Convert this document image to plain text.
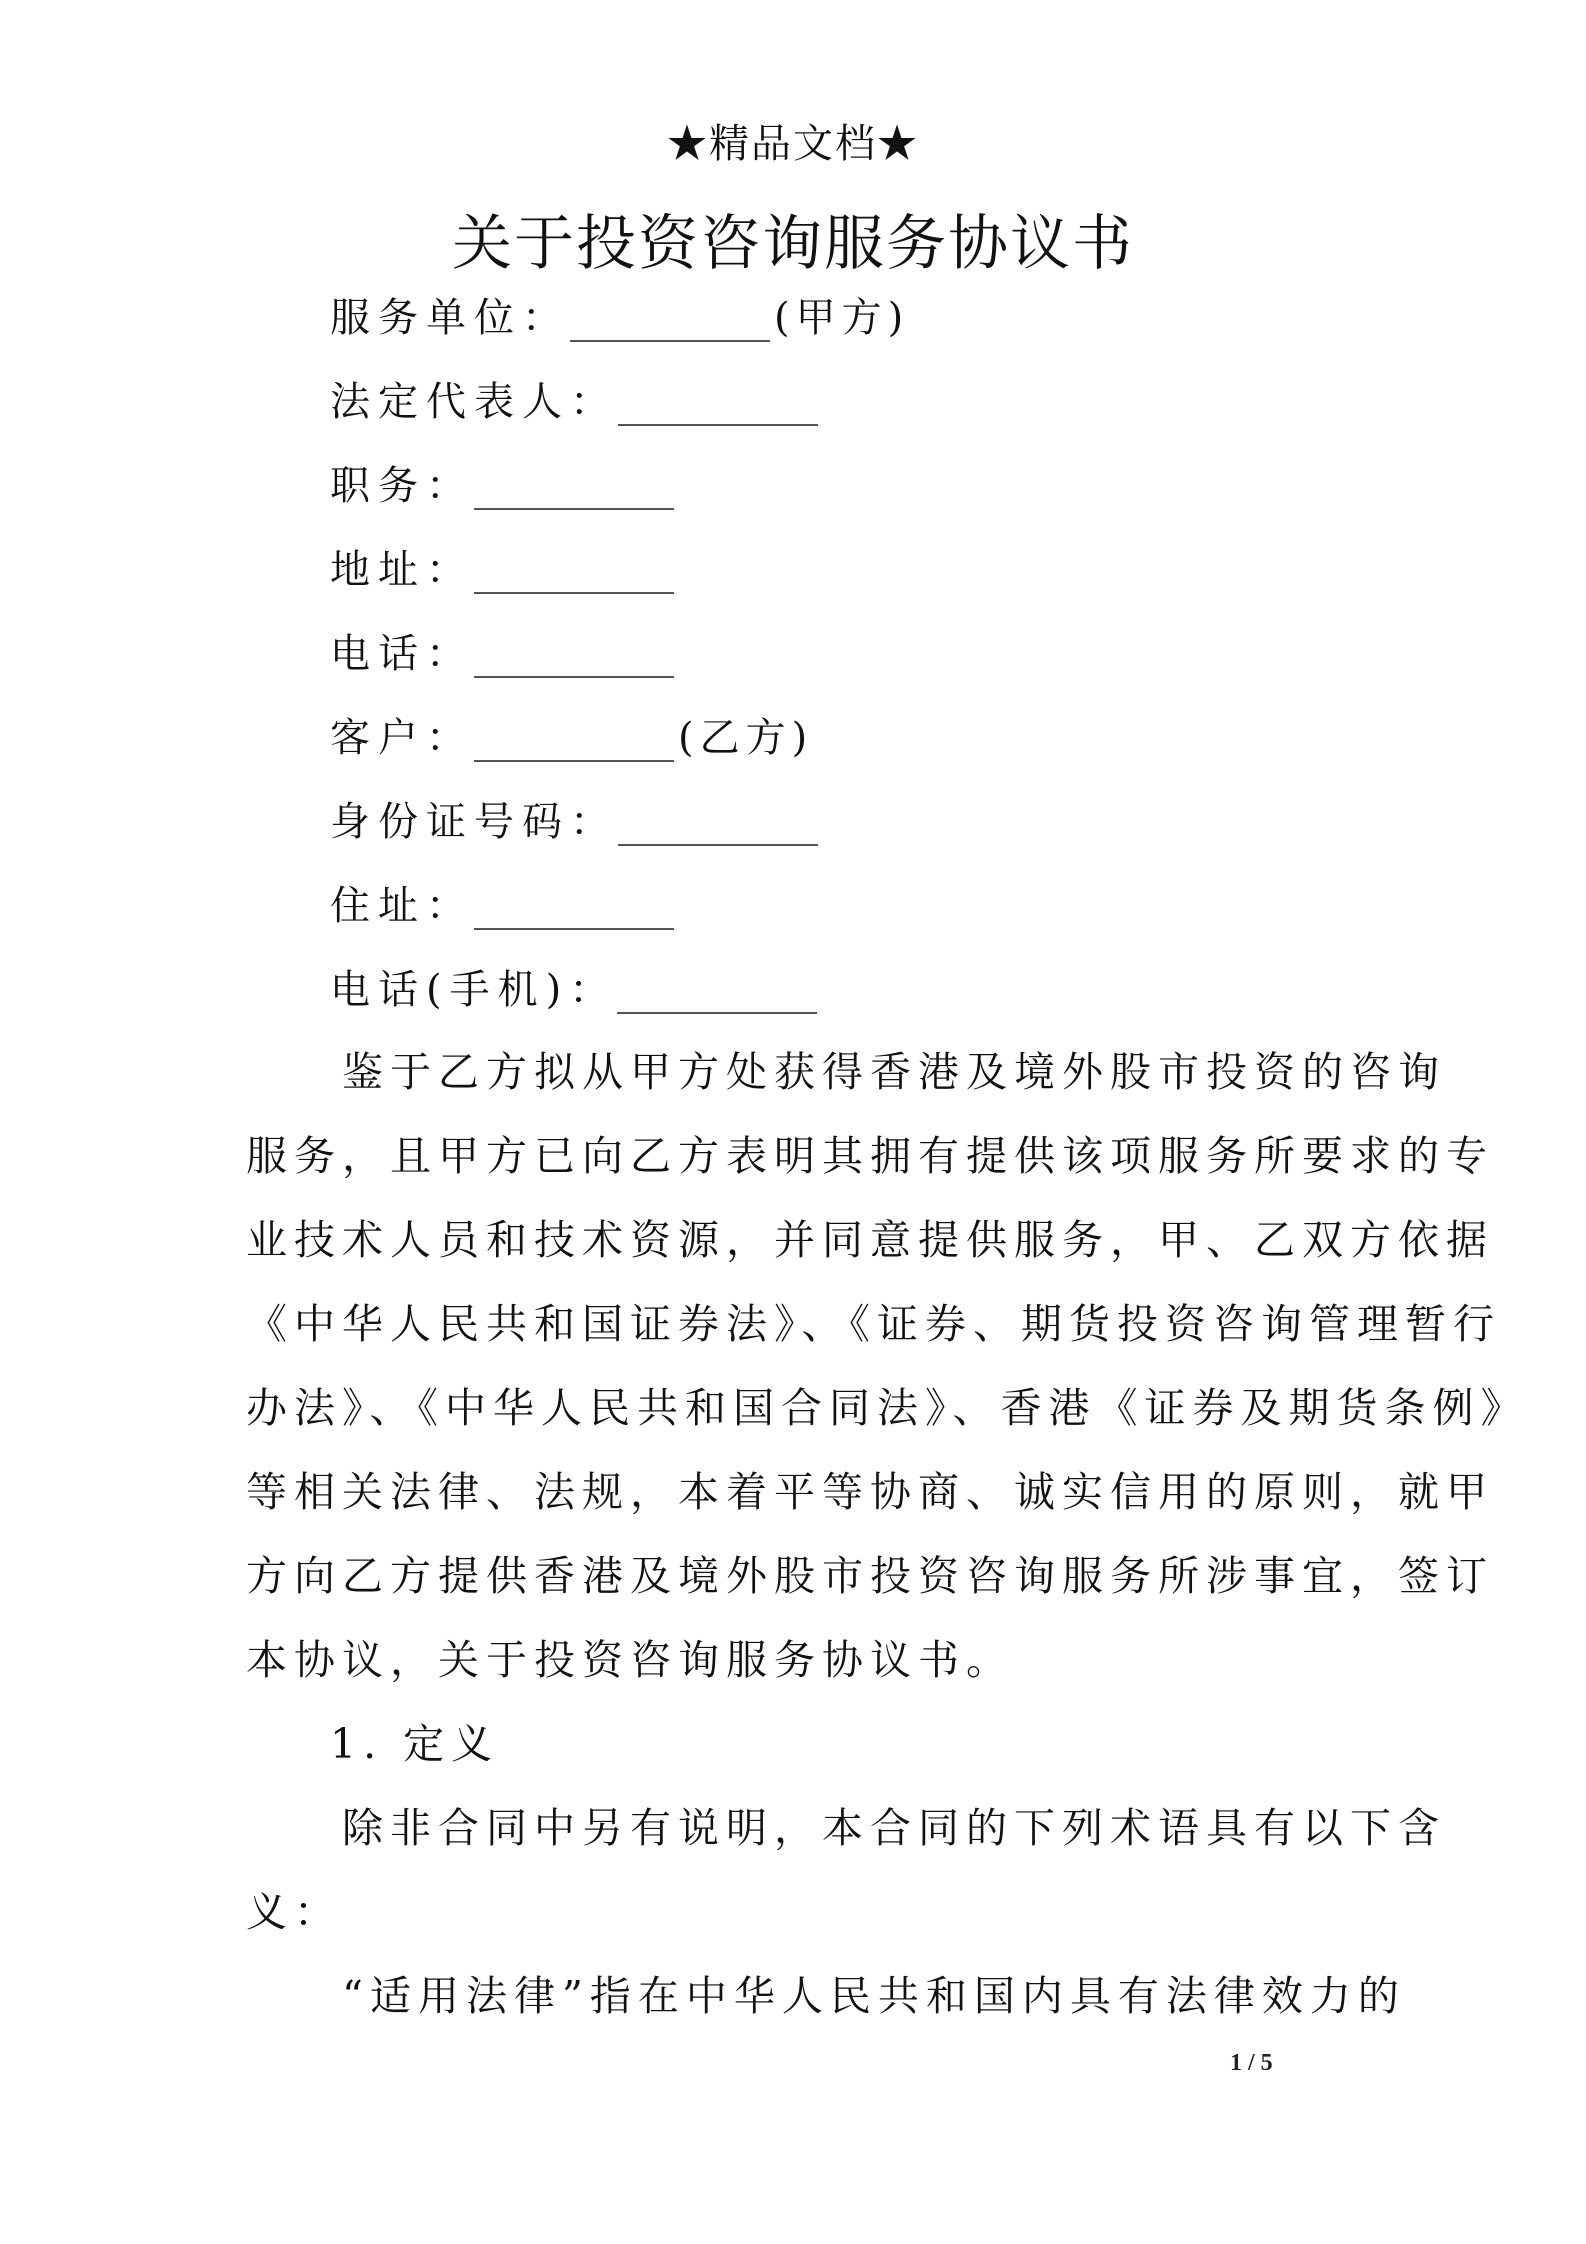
★精品文档★
关于投资咨询服务协议书
服务单位：	(甲方)
法定代表人：
职务：
地址：
电话：
客户：	(乙方)
身份证号码：
住址：
电话(手机)：
　　鉴于乙方拟从甲方处获得香港及境外股市投资的咨询
服务，且甲方已向乙方表明其拥有提供该项服务所要求的专
业技术人员和技术资源，并同意提供服务，甲、乙双方依据
《中华人民共和国证券法》、《证券、期货投资咨询管理暂行
办法》、《中华人民共和国合同法》、香港《证券及期货条例》
等相关法律、法规，本着平等协商、诚实信用的原则，就甲
方向乙方提供香港及境外股市投资咨询服务所涉事宜，签订
本协议，关于投资咨询服务协议书。
1. 定义
　　除非合同中另有说明，本合同的下列术语具有以下含
义：
　　“适用法律”指在中华人民共和国内具有法律效力的
1 / 5
